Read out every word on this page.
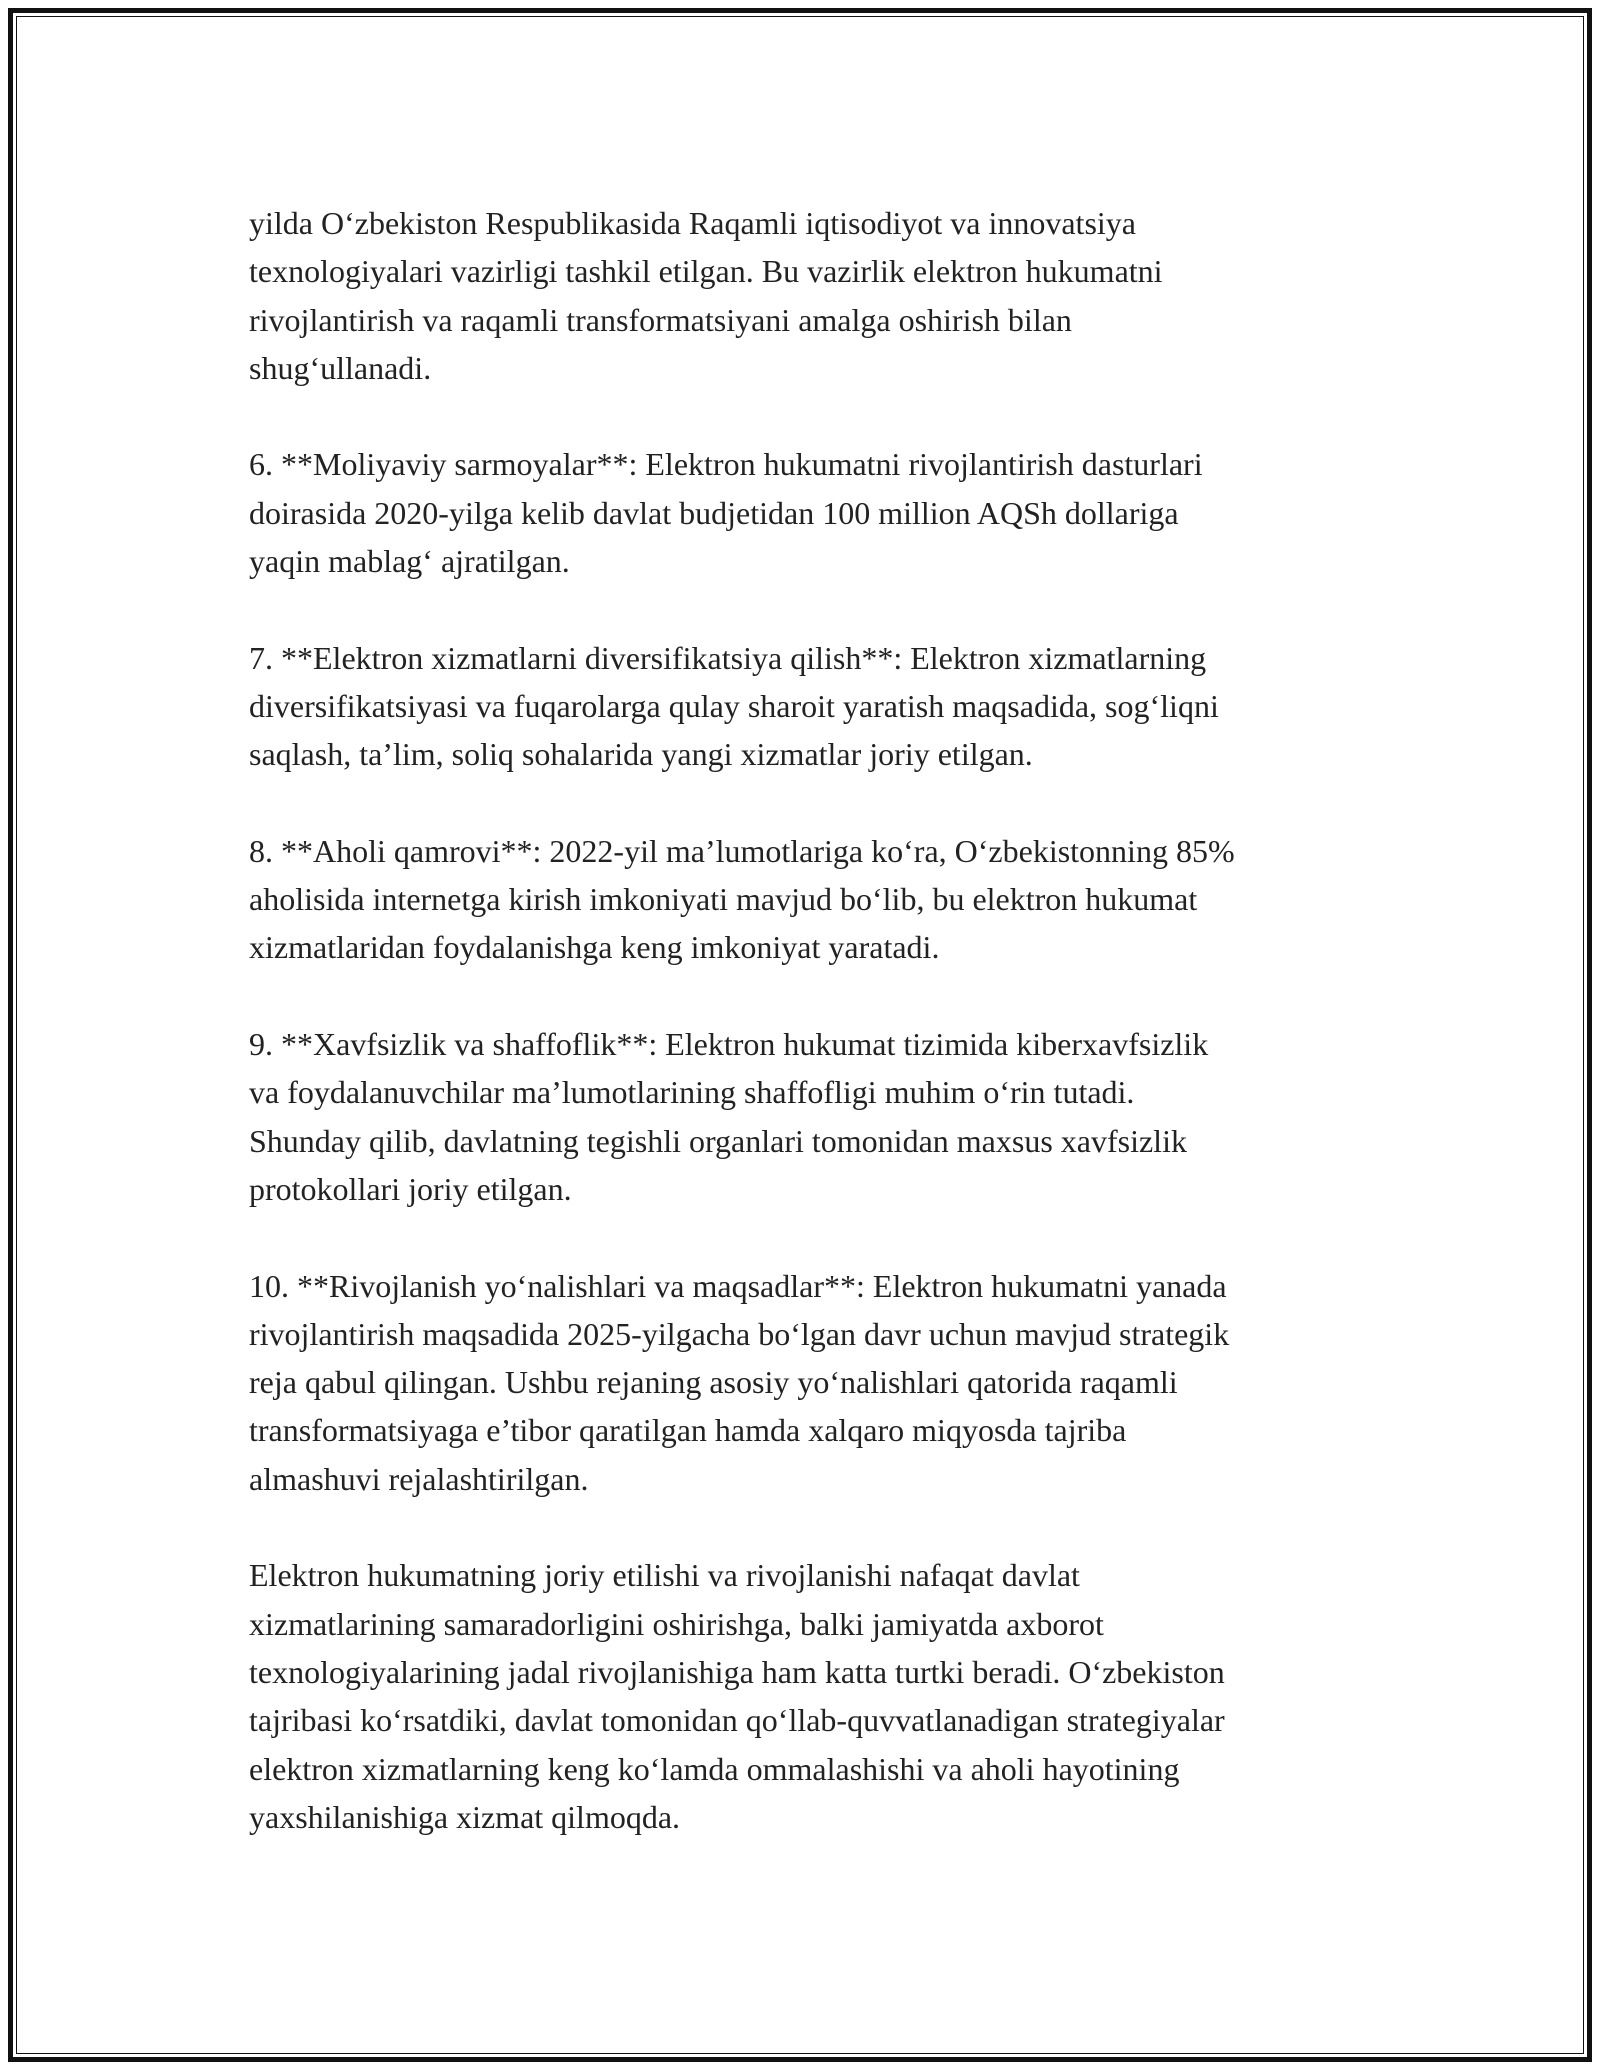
yilda O‘zbekiston Respublikasida Raqamli iqtisodiyot va innovatsiya
texnologiyalari vazirligi tashkil etilgan. Bu vazirlik elektron hukumatni
rivojlantirish va raqamli transformatsiyani amalga oshirish bilan
shug‘ullanadi.

6. **Moliyaviy sarmoyalar**: Elektron hukumatni rivojlantirish dasturlari
doirasida 2020-yilga kelib davlat budjetidan 100 million AQSh dollariga
yaqin mablag‘ ajratilgan.

7. **Elektron xizmatlarni diversifikatsiya qilish**: Elektron xizmatlarning
diversifikatsiyasi va fuqarolarga qulay sharoit yaratish maqsadida, sog‘liqni
saqlash, ta’lim, soliq sohalarida yangi xizmatlar joriy etilgan.

8. **Aholi qamrovi**: 2022-yil ma’lumotlariga ko‘ra, O‘zbekistonning 85%
aholisida internetga kirish imkoniyati mavjud bo‘lib, bu elektron hukumat
xizmatlaridan foydalanishga keng imkoniyat yaratadi.

9. **Xavfsizlik va shaffoflik**: Elektron hukumat tizimida kiberxavfsizlik
va foydalanuvchilar ma’lumotlarining shaffofligi muhim o‘rin tutadi.
Shunday qilib, davlatning tegishli organlari tomonidan maxsus xavfsizlik
protokollari joriy etilgan.

10. **Rivojlanish yo‘nalishlari va maqsadlar**: Elektron hukumatni yanada
rivojlantirish maqsadida 2025-yilgacha bo‘lgan davr uchun mavjud strategik
reja qabul qilingan. Ushbu rejaning asosiy yo‘nalishlari qatorida raqamli
transformatsiyaga e’tibor qaratilgan hamda xalqaro miqyosda tajriba
almashuvi rejalashtirilgan.

Elektron hukumatning joriy etilishi va rivojlanishi nafaqat davlat
xizmatlarining samaradorligini oshirishga, balki jamiyatda axborot
texnologiyalarining jadal rivojlanishiga ham katta turtki beradi. O‘zbekiston
tajribasi ko‘rsatdiki, davlat tomonidan qo‘llab-quvvatlanadigan strategiyalar
elektron xizmatlarning keng ko‘lamda ommalashishi va aholi hayotining
yaxshilanishiga xizmat qilmoqda.
